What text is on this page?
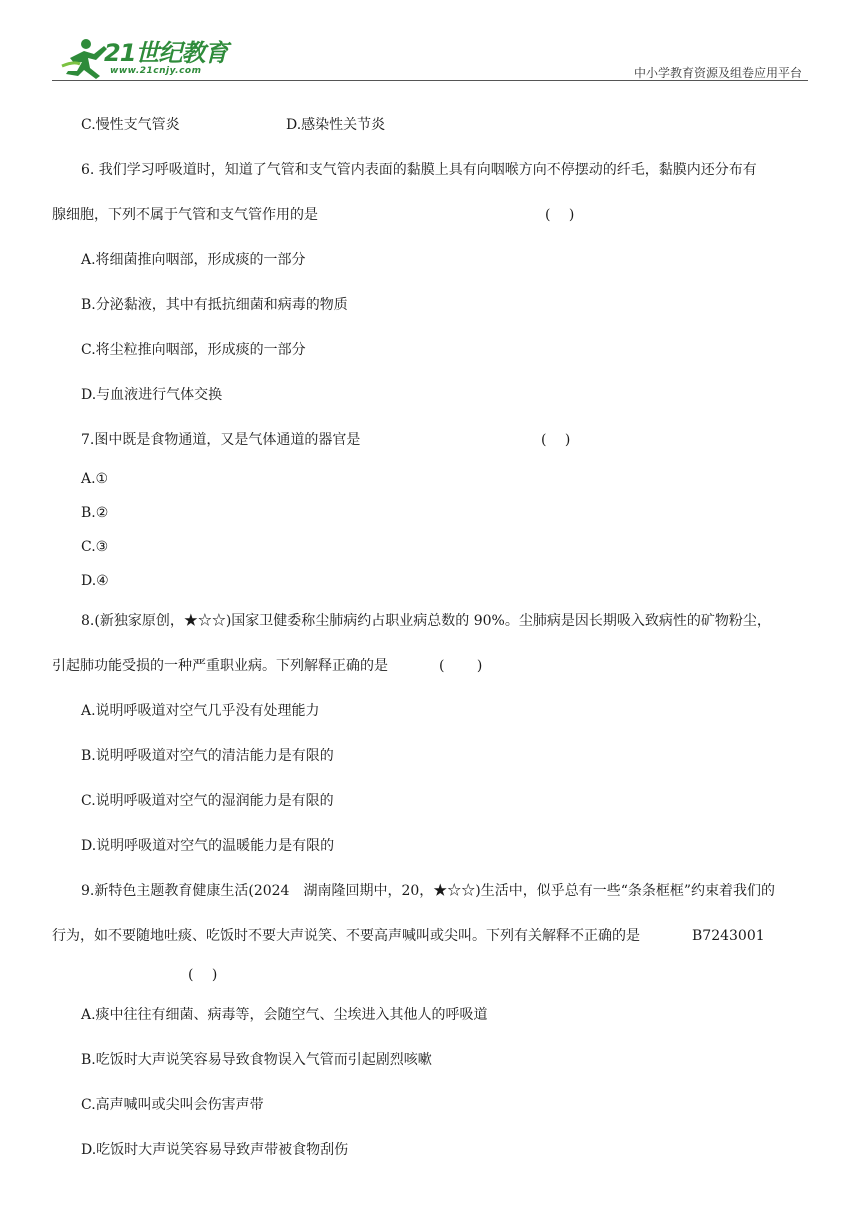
21世纪教育
www.21cnjy.com	中小学教育资源及组卷应用平台
C.慢性支气管炎	D.感染性关节炎
6. 我们学习呼吸道时，知道了气管和支气管内表面的黏膜上具有向咽喉方向不停摆动的纤毛，黏膜内还分布有
腺细胞，下列不属于气管和支气管作用的是	(　 )
A.将细菌推向咽部，形成痰的一部分
B.分泌黏液，其中有抵抗细菌和病毒的物质
C.将尘粒推向咽部，形成痰的一部分
D.与血液进行气体交换
7.图中既是食物通道，又是气体通道的器官是	(　 )
A.①
B.②
C.③
D.④
8.(新独家原创，★☆☆)国家卫健委称尘肺病约占职业病总数的 90%。尘肺病是因长期吸入致病性的矿物粉尘，
引起肺功能受损的一种严重职业病。下列解释正确的是	(　　 )
A.说明呼吸道对空气几乎没有处理能力
B.说明呼吸道对空气的清洁能力是有限的
C.说明呼吸道对空气的湿润能力是有限的
D.说明呼吸道对空气的温暖能力是有限的
9.新特色主题教育健康生活(2024　湖南隆回期中，20，★☆☆)生活中，似乎总有一些“条条框框”约束着我们的
行为，如不要随地吐痰、吃饭时不要大声说笑、不要高声喊叫或尖叫。下列有关解释不正确的是	B7243001
(　 )
A.痰中往往有细菌、病毒等，会随空气、尘埃进入其他人的呼吸道
B.吃饭时大声说笑容易导致食物误入气管而引起剧烈咳嗽
C.高声喊叫或尖叫会伤害声带
D.吃饭时大声说笑容易导致声带被食物刮伤
